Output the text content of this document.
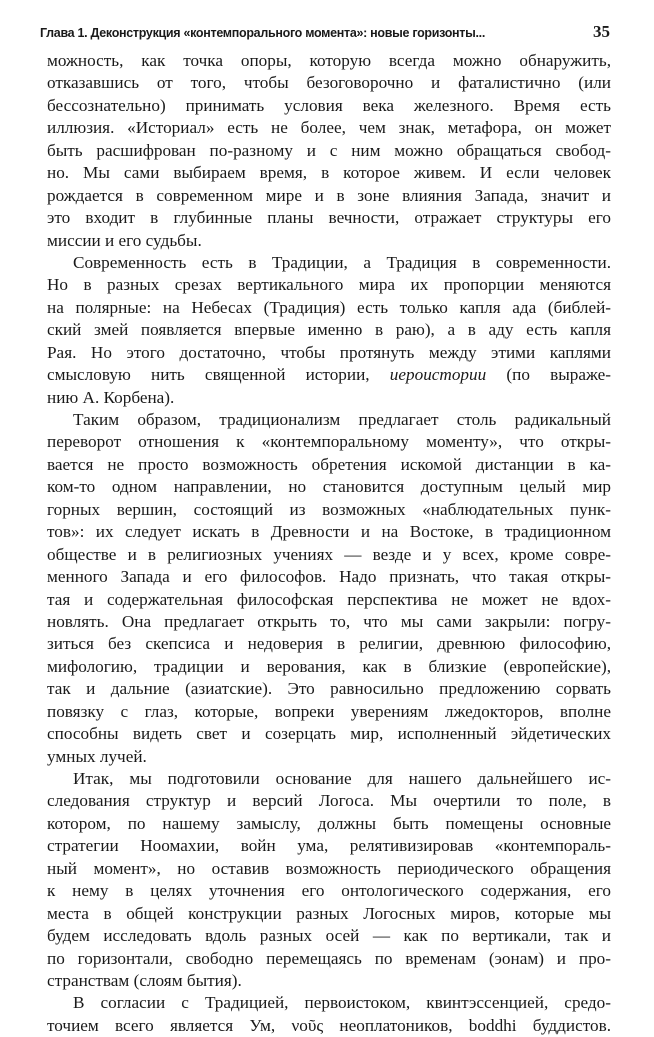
Глава 1. Деконструкция «контемпорального момента»: новые горизонты...	35
можность, как точка опоры, которую всегда можно обнаружить,
отказавшись от того, чтобы безоговорочно и фаталистично (или
бессознательно) принимать условия века железного. Время есть
иллюзия. «Историал» есть не более, чем знак, метафора, он может
быть расшифрован по-разному и с ним можно обращаться свобод-
но. Мы сами выбираем время, в которое живем. И если человек
рождается в современном мире и в зоне влияния Запада, значит и
это входит в глубинные планы вечности, отражает структуры его
миссии и его судьбы.
Современность есть в Традиции, а Традиция в современности.
Но в разных срезах вертикального мира их пропорции меняются
на полярные: на Небесах (Традиция) есть только капля ада (библей-
ский змей появляется впервые именно в раю), а в аду есть капля
Рая. Но этого достаточно, чтобы протянуть между этими каплями
смысловую нить священной истории, иероистории (по выраже-
нию А. Корбена).
Таким образом, традиционализм предлагает столь радикальный
переворот отношения к «контемпоральному моменту», что откры-
вается не просто возможность обретения искомой дистанции в ка-
ком-то одном направлении, но становится доступным целый мир
горных вершин, состоящий из возможных «наблюдательных пунк-
тов»: их следует искать в Древности и на Востоке, в традиционном
обществе и в религиозных учениях — везде и у всех, кроме совре-
менного Запада и его философов. Надо признать, что такая откры-
тая и содержательная философская перспектива не может не вдох-
новлять. Она предлагает открыть то, что мы сами закрыли: погру-
зиться без скепсиса и недоверия в религии, древнюю философию,
мифологию, традиции и верования, как в близкие (европейские),
так и дальние (азиатские). Это равносильно предложению сорвать
повязку с глаз, которые, вопреки уверениям лжедокторов, вполне
способны видеть свет и созерцать мир, исполненный эйдетических
умных лучей.
Итак, мы подготовили основание для нашего дальнейшего ис-
следования структур и версий Логоса. Мы очертили то поле, в
котором, по нашему замыслу, должны быть помещены основные
стратегии Ноомахии, войн ума, релятивизировав «контемпораль-
ный момент», но оставив возможность периодического обращения
к нему в целях уточнения его онтологического содержания, его
места в общей конструкции разных Логосных миров, которые мы
будем исследовать вдоль разных осей — как по вертикали, так и
по горизонтали, свободно перемещаясь по временам (эонам) и про-
странствам (слоям бытия).
В согласии с Традицией, первоистоком, квинтэссенцией, средо-
точием всего является Ум, νοῦς неоплатоников, boddhi буддистов.
